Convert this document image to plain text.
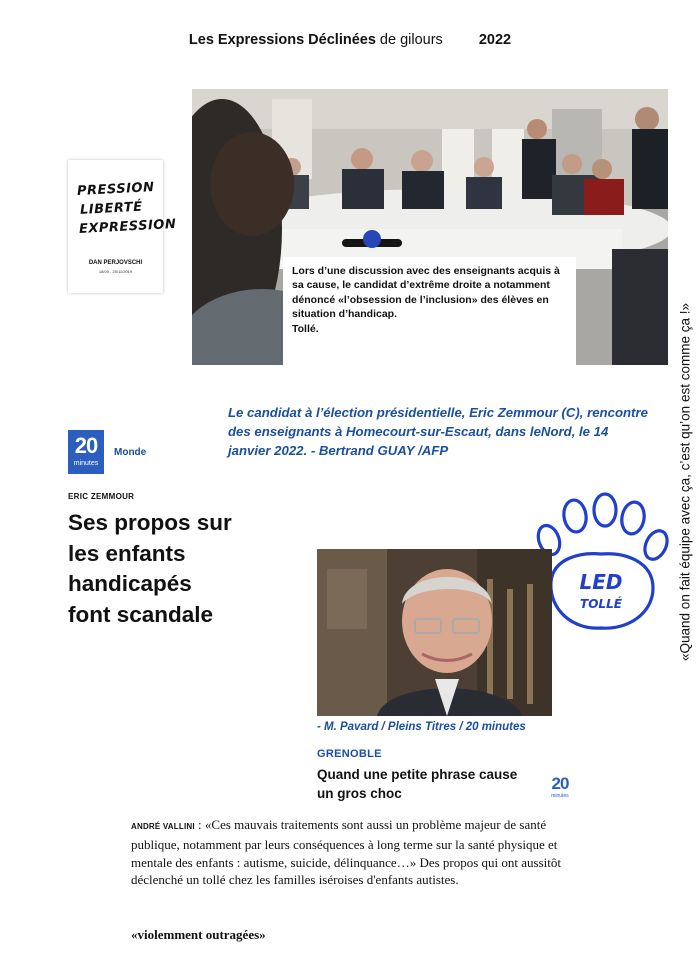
Les Expressions Déclinées de gilours 2022
PRESSION
LIBERTÉ
EXPRESSION
DAN PERJOVSCHI
18/09 - 25/11/2019	Lors d’une discussion avec des enseignants acquis à sa cause, le candidat d’extrême droite a notamment dénoncé «l’obsession de l’inclusion» des élèves en situation d’handicap.
Tollé.	«Quand on fait équipe avec ça, c’est qu’on est comme ça !»
Le candidat à l’élection présidentielle, Eric Zemmour (C), rencontre des enseignants à Homecourt-sur-Escaut, dans leNord, le 14 janvier 2022. - Bertrand GUAY /AFP
20
minutes
Monde
ERIC ZEMMOUR
Ses propos sur les enfants handicapés font scandale
LED
TOLLÉ
- M. Pavard / Pleins Titres / 20 minutes
GRENOBLE
Quand une petite phrase cause un gros choc
20
minutes
ANDRÉ VALLINI : «Ces mauvais traitements sont aussi un problème majeur de santé publique, notamment par leurs conséquences à long terme sur la santé physique et mentale des enfants : autisme, suicide, délinquance…» Des propos qui ont aussitôt déclenché un tollé chez les familles iséroises d'enfants autistes.
«violemment outragées»
